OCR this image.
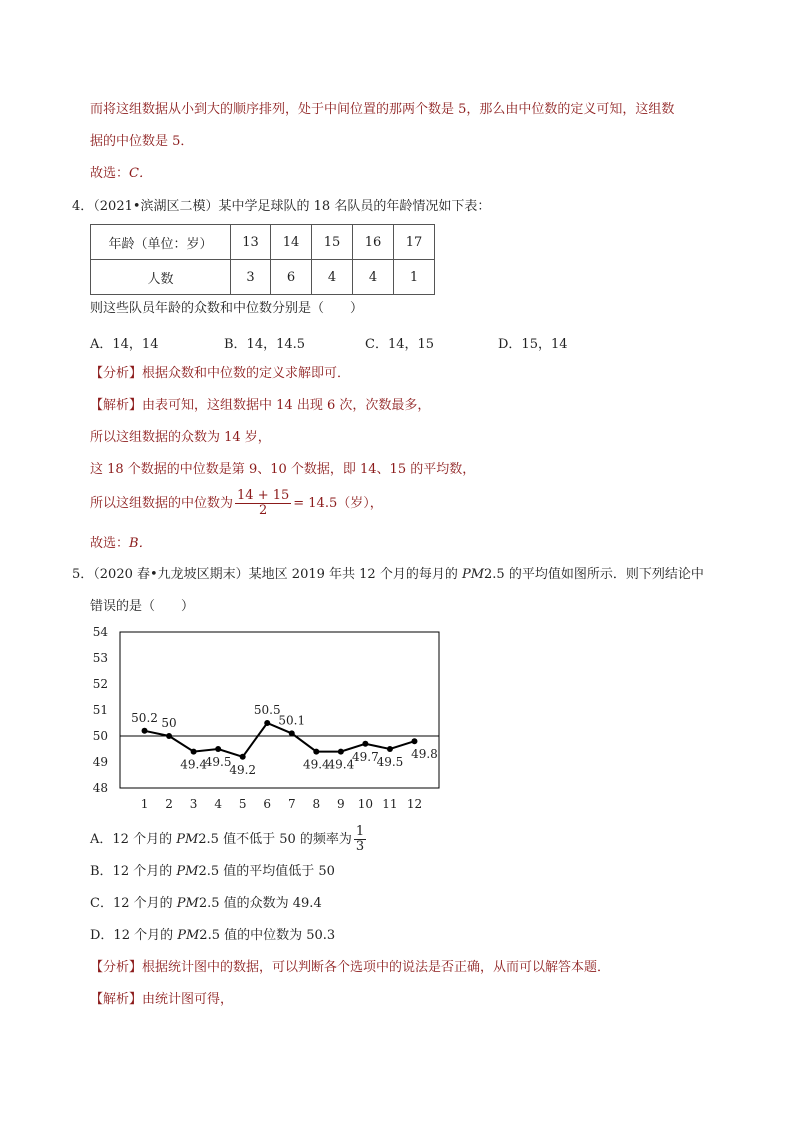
而将这组数据从小到大的顺序排列，处于中间位置的那两个数是 5，那么由中位数的定义可知，这组数
据的中位数是 5．
故选：C．
4．（2021•滨湖区二模）某中学足球队的 18 名队员的年龄情况如下表：
年龄（单位：岁）	13	14	15	16	17
人数	3	6	4	4	1
则这些队员年龄的众数和中位数分别是（　　）
A．14，14	B．14，14.5	C．14，15	D．15，14
【分析】根据众数和中位数的定义求解即可．
【解析】由表可知，这组数据中 14 出现 6 次，次数最多，
所以这组数据的众数为 14 岁，
这 18 个数据的中位数是第 9、10 个数据，即 14、15 的平均数，
所以这组数据的中位数为 $\frac{14 + 15}{2} = 14.5$（岁），
故选：B．
5．（2020 春•九龙坡区期末）某地区 2019 年共 12 个月的每月的 PM2.5 的平均值如图所示．则下列结论中
错误的是（　　）
48
49
50
51
52
53
54
1 2 3 4 5 6 7 8 9 10 11 12
50.2 50
49.4
49.5
49.2
50.5
50.1
49.4
49.4
49.7
49.5
49.8
A．12 个月的 PM2.5 值不低于 50 的频率为 $\frac{1}{3}$
B．12 个月的 PM2.5 值的平均值低于 50
C．12 个月的 PM2.5 值的众数为 49.4
D．12 个月的 PM2.5 值的中位数为 50.3
【分析】根据统计图中的数据，可以判断各个选项中的说法是否正确，从而可以解答本题．
【解析】由统计图可得，
